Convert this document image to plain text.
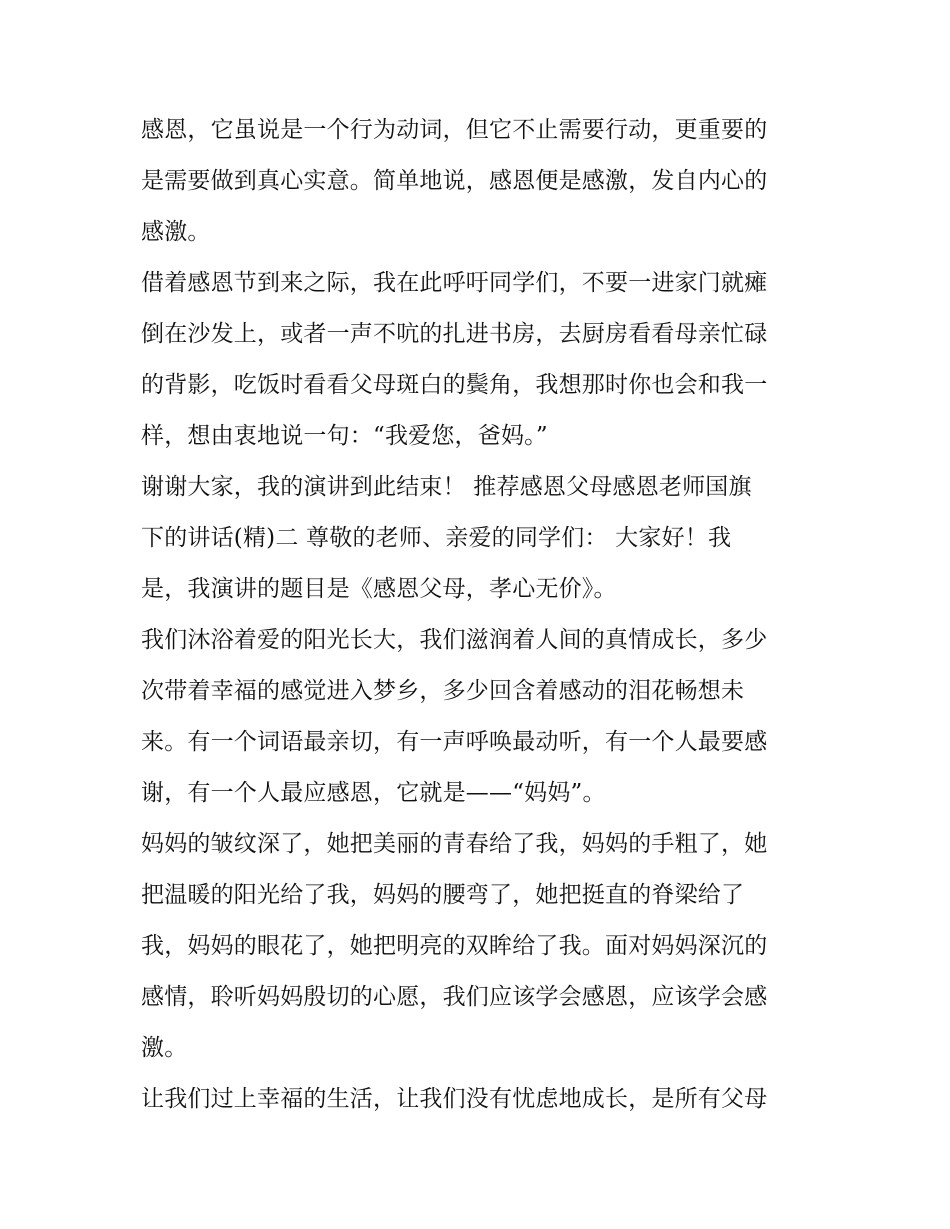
感恩，它虽说是一个行为动词，但它不止需要行动，更重要的
是需要做到真心实意。简单地说，感恩便是感激，发自内心的
感激。
借着感恩节到来之际，我在此呼吁同学们，不要一进家门就瘫
倒在沙发上，或者一声不吭的扎进书房，去厨房看看母亲忙碌
的背影，吃饭时看看父母斑白的鬓角，我想那时你也会和我一
样，想由衷地说一句：“我爱您，爸妈。”
谢谢大家，我的演讲到此结束！ 推荐感恩父母感恩老师国旗
下的讲话(精)二 尊敬的老师、亲爱的同学们： 大家好！我
是，我演讲的题目是《感恩父母，孝心无价》。
我们沐浴着爱的阳光长大，我们滋润着人间的真情成长，多少
次带着幸福的感觉进入梦乡，多少回含着感动的泪花畅想未
来。有一个词语最亲切，有一声呼唤最动听，有一个人最要感
谢，有一个人最应感恩，它就是——“妈妈”。
妈妈的皱纹深了，她把美丽的青春给了我，妈妈的手粗了，她
把温暖的阳光给了我，妈妈的腰弯了，她把挺直的脊梁给了
我，妈妈的眼花了，她把明亮的双眸给了我。面对妈妈深沉的
感情，聆听妈妈殷切的心愿，我们应该学会感恩，应该学会感
激。
让我们过上幸福的生活，让我们没有忧虑地成长，是所有父母
